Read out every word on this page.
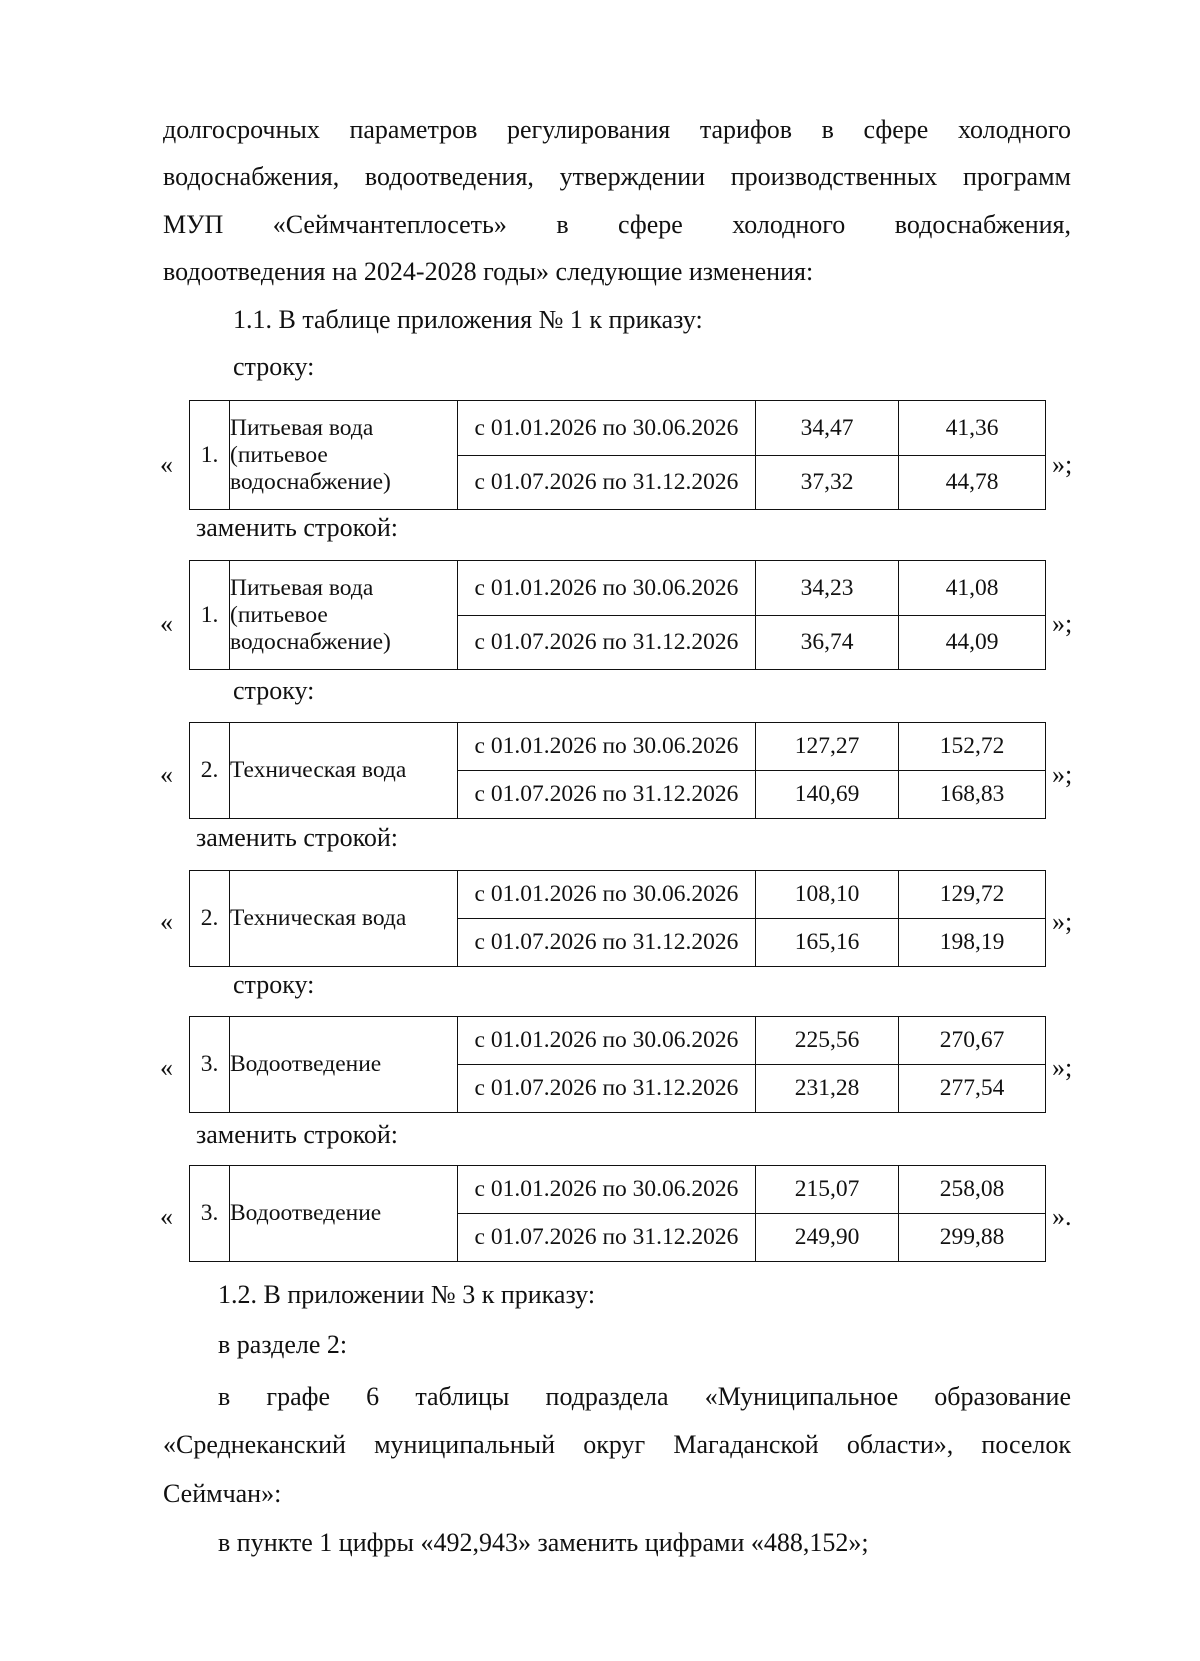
долгосрочных параметров регулирования тарифов в сфере холодного

водоснабжения, водоотведения, утверждении производственных программ

МУП «Сеймчантеплосеть» в сфере холодного водоснабжения,

водоотведения на 2024-2028 годы» следующие изменения:

1.1. В таблице приложения № 1 к приказу:

строку:
« 1.	Питьевая вода
(питьевое
водоснабжение)	с 01.01.2026 по 30.06.2026	34,47	41,36
		с 01.07.2026 по 31.12.2026	37,32	44,78
»;
заменить строкой:
« 1.	Питьевая вода
(питьевое
водоснабжение)	с 01.01.2026 по 30.06.2026	34,23	41,08
		с 01.07.2026 по 31.12.2026	36,74	44,09
»;
строку:
« 2.	Техническая вода	с 01.01.2026 по 30.06.2026	127,27	152,72
		с 01.07.2026 по 31.12.2026	140,69	168,83
»;
заменить строкой:
« 2.	Техническая вода	с 01.01.2026 по 30.06.2026	108,10	129,72
		с 01.07.2026 по 31.12.2026	165,16	198,19
»;
строку:
« 3.	Водоотведение	с 01.01.2026 по 30.06.2026	225,56	270,67
		с 01.07.2026 по 31.12.2026	231,28	277,54
»;
заменить строкой:
« 3.	Водоотведение	с 01.01.2026 по 30.06.2026	215,07	258,08
		с 01.07.2026 по 31.12.2026	249,90	299,88
».

1.2. В приложении № 3 к приказу:

в разделе 2:

в графе 6 таблицы подраздела «Муниципальное образование

«Среднеканский муниципальный округ Магаданской области», поселок

Сеймчан»:

в пункте 1 цифры «492,943» заменить цифрами «488,152»;
